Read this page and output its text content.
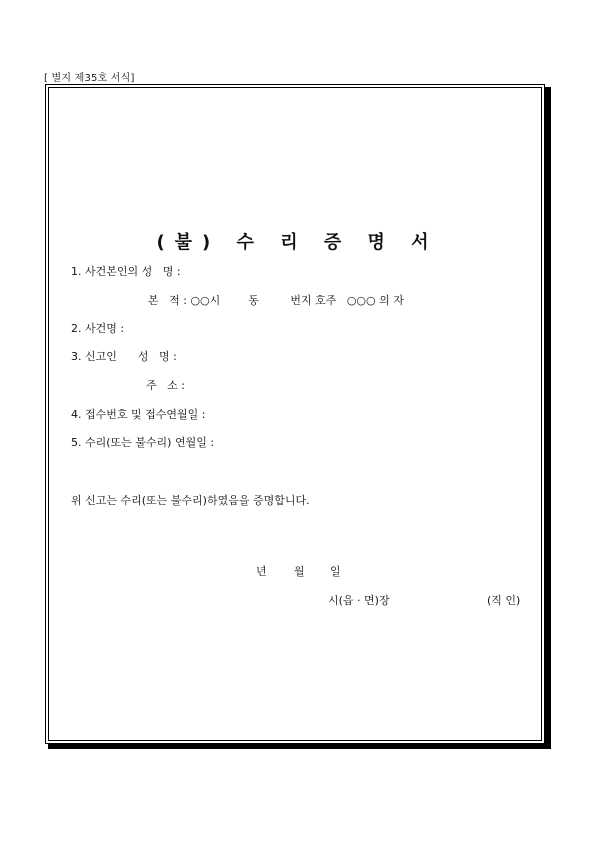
[ 별지 제35호 서식]
(불) 수 리 증 명 서
1. 사건본인의 성   명 :
본   적 : ○○시        동         번지 호주   ○○○ 의 자
2. 사건명 :
3. 신고인      성   명 :
주   소 :
4. 접수번호 및 접수연월일 :
5. 수리(또는 불수리) 연월일 :
위 신고는 수리(또는 불수리)하였음을 증명합니다.
년 월 일
시(읍 · 면)장	(직 인)
